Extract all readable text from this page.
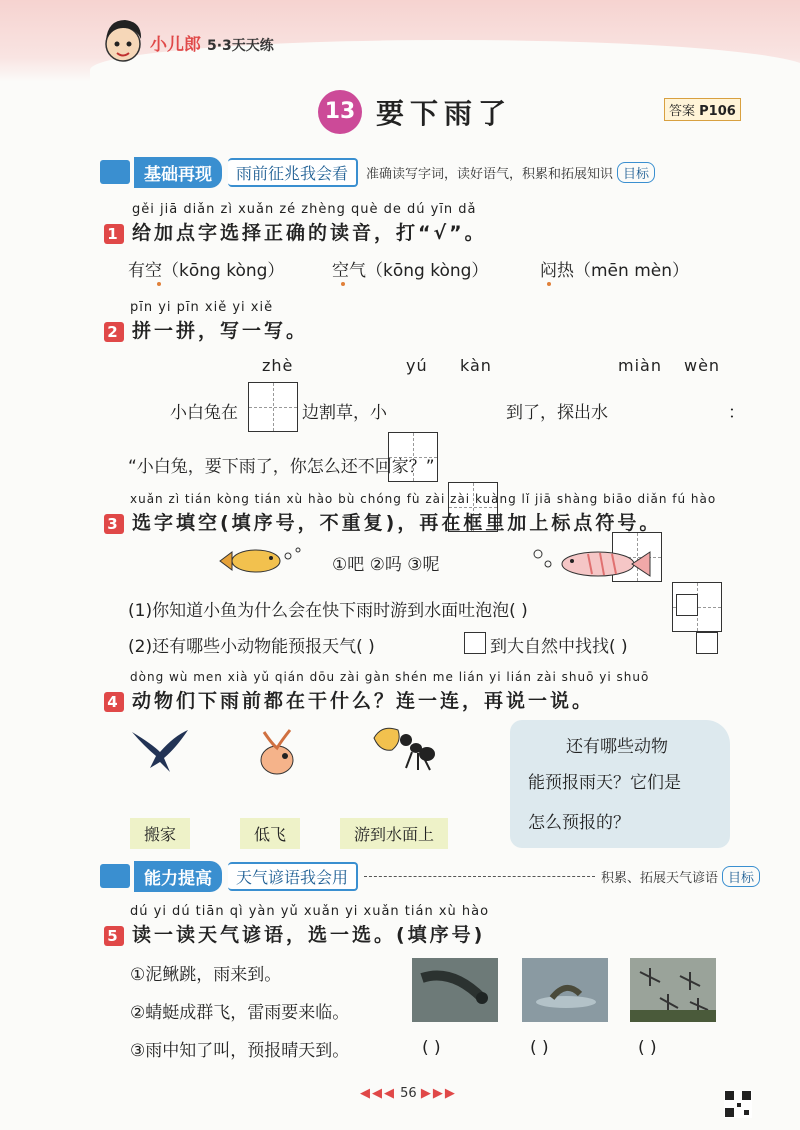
小儿郎 5·3天天练
13 要下雨了	答案 P106
基础再现	雨前征兆我会看	准确读写字词，读好语气，积累和拓展知识 目标
gěi jiā diǎn zì xuǎn zé zhèng què de dú yīn dǎ
1 给加点字选择正确的读音，打“√”。
有空（kōng kòng）	空气（kōng kòng）	闷热（mēn mèn）
pīn yi pīn xiě yi xiě
2 拼一拼，写一写。
zhè	yú kàn	miàn wèn
小白兔在	边割草，小	到了，探出水	：
“小白兔，要下雨了，你怎么还不回家？”
xuǎn zì tián kòng tián xù hào bù chóng fù zài zài kuàng lǐ jiā shàng biāo diǎn fú hào
3 选字填空(填序号，不重复)，再在框里加上标点符号。
①吧 ②吗 ③呢
(1)你知道小鱼为什么会在快下雨时游到水面吐泡泡( )
(2)还有哪些小动物能预报天气( )	到大自然中找找( )
dòng wù men xià yǔ qián dōu zài gàn shén me lián yi lián zài shuō yi shuō
4 动物们下雨前都在干什么？连一连，再说一说。
还有哪些动物
能预报雨天？它们是
怎么预报的？
搬家	低飞	游到水面上
能力提高	天气谚语我会用	积累、拓展天气谚语 目标
dú yi dú tiān qì yàn yǔ xuǎn yi xuǎn tián xù hào
5 读一读天气谚语，选一选。(填序号)
①泥鳅跳，雨来到。
②蜻蜓成群飞，雷雨要来临。
③雨中知了叫，预报晴天到。	( )	( )	( )
◀◀◀ 56 ▶▶▶
